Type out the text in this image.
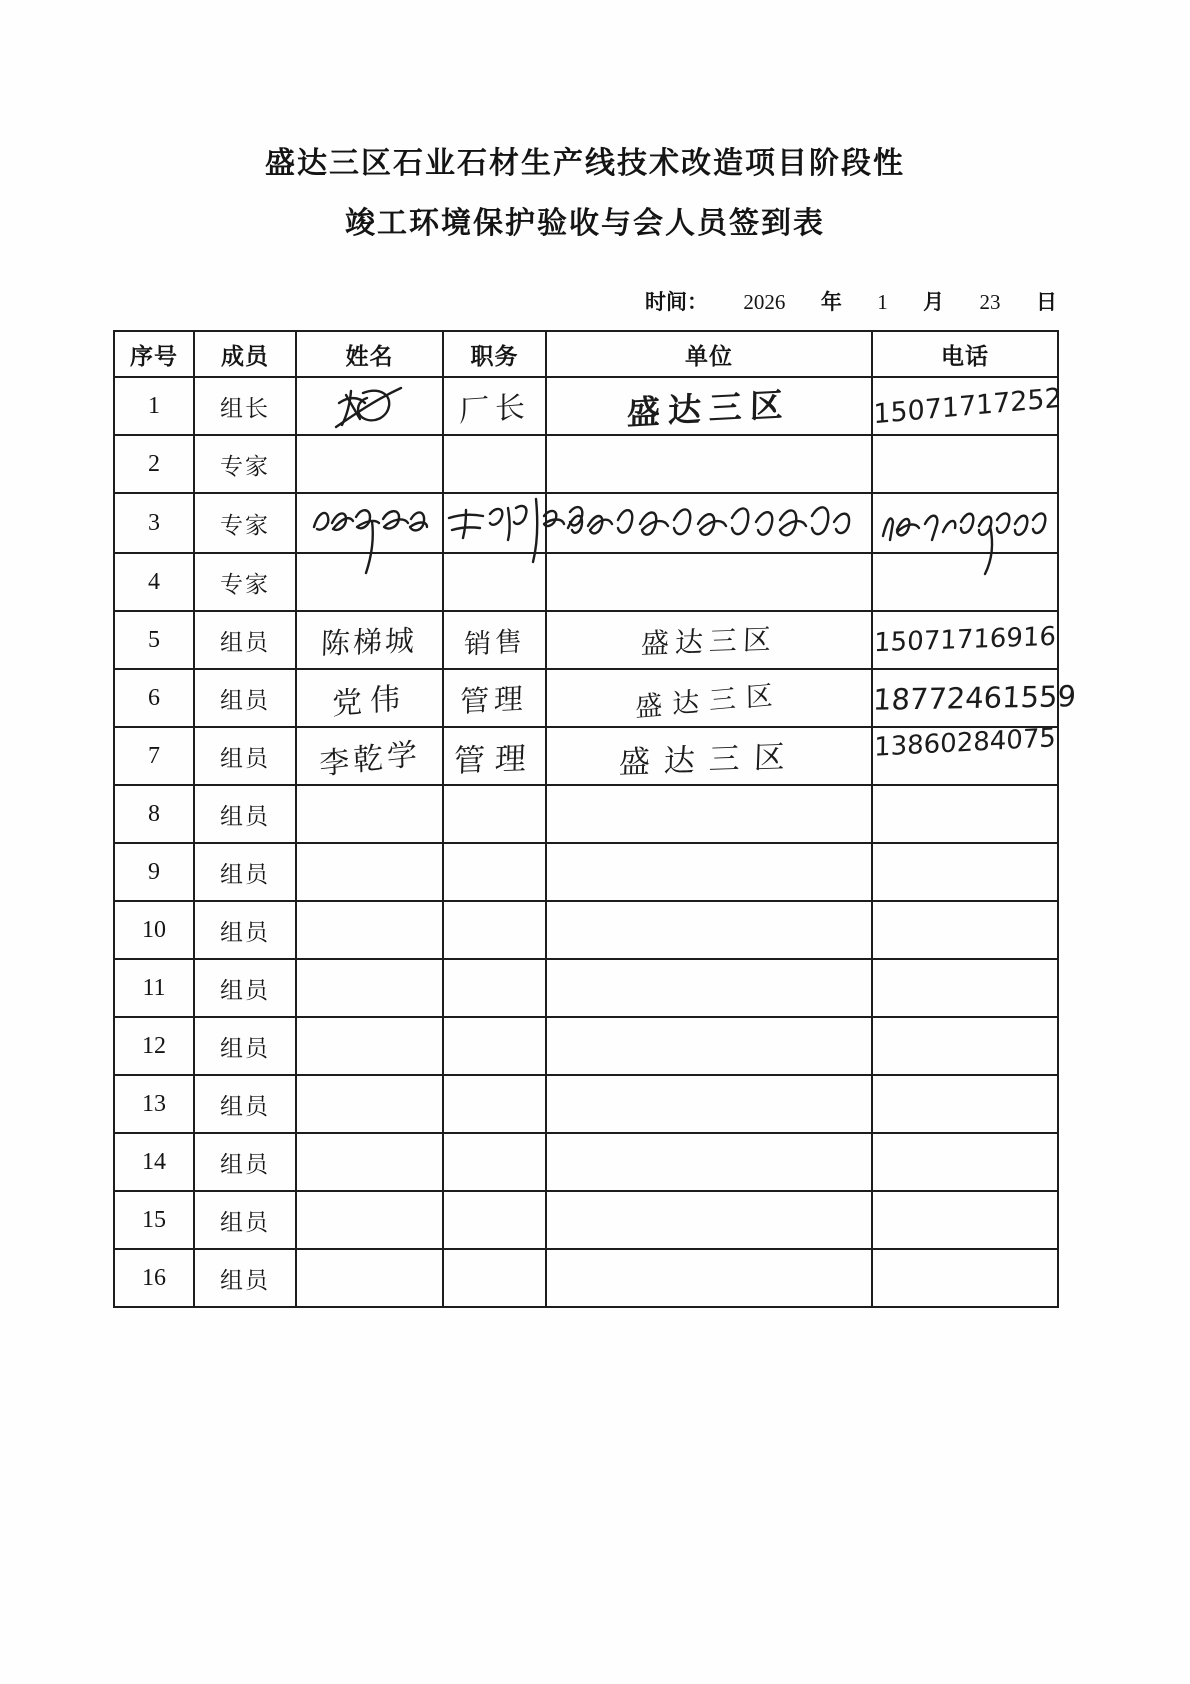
盛达三区石业石材生产线技术改造项目阶段性
竣工环境保护验收与会人员签到表
时间： 2026 年 1 月 23 日
序号	成员	姓名	职务	单位	电话
1	组长		厂长	盛达三区	15071717252
2	专家				
3	专家	

4	专家				
5	组员	陈梯城	销售	盛达三区	15071716916
6	组员	党伟	管理	盛达三区	18772461559
7	组员	李乾学	管理	盛达三区	13860284075
8	组员				
9	组员				
10	组员				
11	组员				
12	组员				
13	组员				
14	组员				
15	组员				
16	组员				
